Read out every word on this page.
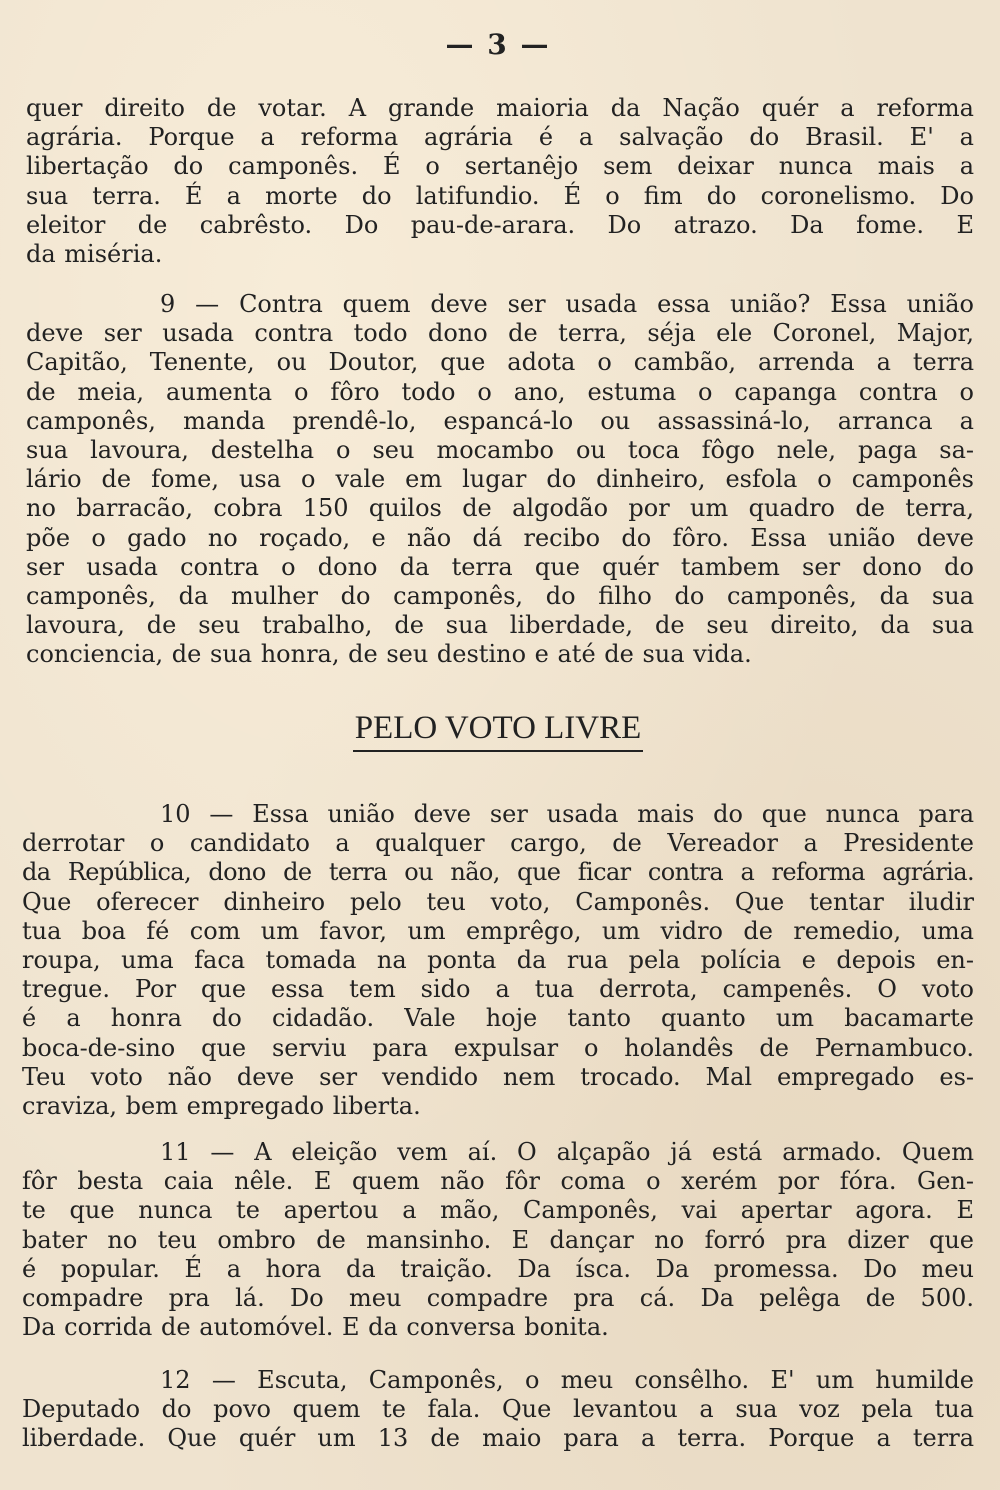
— 3 —

quer direito de votar. A grande maioria da Nação quér a reforma
agrária. Porque a reforma agrária é a salvação do Brasil. E' a
libertação do camponês. É o sertanêjo sem deixar nunca mais a
sua terra. É a morte do latifundio. É o fim do coronelismo. Do
eleitor de cabrêsto. Do pau-de-arara. Do atrazo. Da fome. E
da miséria.

9 — Contra quem deve ser usada essa união? Essa união
deve ser usada contra todo dono de terra, séja ele Coronel, Major,
Capitão, Tenente, ou Doutor, que adota o cambão, arrenda a terra
de meia, aumenta o fôro todo o ano, estuma o capanga contra o
camponês, manda prendê-lo, espancá-lo ou assassiná-lo, arranca a
sua lavoura, destelha o seu mocambo ou toca fôgo nele, paga sa-
lário de fome, usa o vale em lugar do dinheiro, esfola o camponês
no barracão, cobra 150 quilos de algodão por um quadro de terra,
põe o gado no roçado, e não dá recibo do fôro. Essa união deve
ser usada contra o dono da terra que quér tambem ser dono do
camponês, da mulher do camponês, do filho do camponês, da sua
lavoura, de seu trabalho, de sua liberdade, de seu direito, da sua
conciencia, de sua honra, de seu destino e até de sua vida.

PELO VOTO LIVRE

10 — Essa união deve ser usada mais do que nunca para
derrotar o candidato a qualquer cargo, de Vereador a Presidente
da República, dono de terra ou não, que ficar contra a reforma agrária.
Que oferecer dinheiro pelo teu voto, Camponês. Que tentar iludir
tua boa fé com um favor, um emprêgo, um vidro de remedio, uma
roupa, uma faca tomada na ponta da rua pela polícia e depois en-
tregue. Por que essa tem sido a tua derrota, campenês. O voto
é a honra do cidadão. Vale hoje tanto quanto um bacamarte
boca-de-sino que serviu para expulsar o holandês de Pernambuco.
Teu voto não deve ser vendido nem trocado. Mal empregado es-
craviza, bem empregado liberta.

11 — A eleição vem aí. O alçapão já está armado. Quem
fôr besta caia nêle. E quem não fôr coma o xerém por fóra. Gen-
te que nunca te apertou a mão, Camponês, vai apertar agora. E
bater no teu ombro de mansinho. E dançar no forró pra dizer que
é popular. É a hora da traição. Da ísca. Da promessa. Do meu
compadre pra lá. Do meu compadre pra cá. Da pelêga de 500.
Da corrida de automóvel. E da conversa bonita.

12 — Escuta, Camponês, o meu consêlho. E' um humilde
Deputado do povo quem te fala. Que levantou a sua voz pela tua
liberdade. Que quér um 13 de maio para a terra. Porque a terra
